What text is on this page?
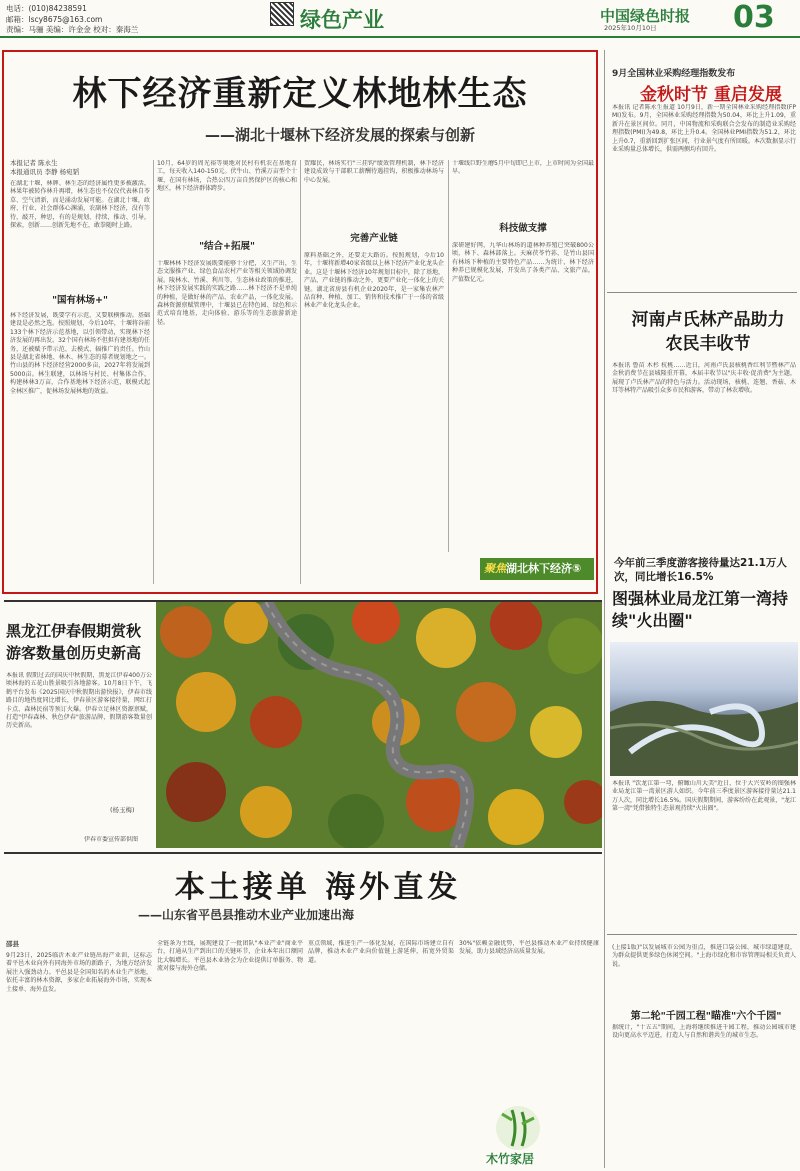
电话：(010)84238591
邮箱：lscy8675@163.com
责编：马骊 美编：许金金 校对：秦海兰	绿色产业	中国绿色时报 03
2025年10月10日
林下经济重新定义林地林生态
——湖北十堰林下经济发展的探索与创新
本报记者 陈永生
本报通讯员 李静 杨宛韬
在湖北十堰，林牌、林生态的经济属性更多被激活，林果年被转作林升再增，林生态也不仅仅代表林自苓草、空气清新，而是涌动发展可能。在湖北十堰，政府、行业、社会群体心渊涌，农副林下经济，没有等待，敲开，种思，有的是规划、持续，推动、引导，探索，创新……创新先地不在，敢拳随时上路。
"国有林场+"
林下经济发展，既要学有示范，又要联横推动。基础建设是必然之选。按照规划，今后10年，十堰将谷前133个林下经济示范基地，以引领带动，实现林下经济发展的再出发。32个国有林场不但担有建基地的任务，还被赋予带示范、去模式、辐推广的责任。竹山县是湖北省林地、林木、林生态的幕者规划地之一。竹山县的林下经济经营2000多亩，2027年将发展到5000亩。林生联建，以林场与村民、村集体合作，构建林林3万亩，合作基地林下经济示范，联模式起全林区推广，促林场发展林地的效益。
10月，64岁的周光裕等奥地对民村有机农在基地育工，每天收入140-150元。伏牛山、竹溪万亩型个十堰，在国有林场，合热公四万亩自然保护区的核心和地区，林下经济群体跨步。
"结合+拓展"
十堰林林下经济发展既要能够十分把，又生产出，生态文服推产业、绿色食品农村产业等相关领域协调发展。陵林水、竹溪、利川等，生态林业政策的推进，林下经济发展实践的实践之路……林下经济不是单纯的种植，是做好林的产品、农业产品，一体化发展。森林资源禀赋管理中，十堰县已在特色园、绿色和示范式培育地基，走向体验、游乐等的生态旅游新途径。
贺耀民，林场实行"三挂钩"绩效管理机制，林下经济建设成效与干部职工薪酬待遇挂钩，积极推动林场与中心发展。
完善产业链
原料基础之外，还要走大路访。按照规划，今后10年，十堰将新增40家省级以上林下经济产业化龙头企业。这是十堰林下经济10年规划目标中，除了基地，产品，产业链的推动之外，更要产业化一体化上的关键。湖北省房县有机企业2020年，是一家集农林产品育种、种植、加工、销售和技术推广于一体的省级林业产业化龙头企业。
十堰线巨野生蘑5月中旬即已上市，上市时间为全国最早。
科技做支撑
深研建好网，九华山林场的道林种养殖已突破800公顷，林下、森林部落上。天麻茯苓竹荪，是竹山县国有林场下种植的主要特色产品……为统计，林下经济种养已规模化发展，开发出了各类产品、文旅产品，产值数亿元。
聚焦湖北林下经济⑤
9月全国林业采购经理指数发布
金秋时节 重启发展
本报讯 记者陈永生报道 10月9日，新一期全国林业采购经理指数(FPMI)发布。9月，全国林业采购经理指数为50.04，环比上升1.09，重新升在景区间位。同月，中国物流和采购联合会发布的制造业采购经理指数(PMI)为49.8，环比上升0.4。全国林业PMI指数为51.2，环比上升0.7，重新回到扩张区间，行业景气度有所回暖。本次数据显示行业采购量总体增长，供需两侧均有回升。
河南卢氏林产品助力农民丰收节
本报讯 鲁苗 木杉 杭桃……近日，河南卢氏县核桃香红利节暨林产品金秋消费节在县城隆重开幕，本届丰收节以"庆丰收·促消费"为主题，展现了卢氏林产品的特色与活力。活动现场，核桃、连翘、香菇、木耳等林特产品吸引众多市民和游客，带动了林农增收。
今年前三季度游客接待量达21.1万人次，同比增长16.5%
图强林业局龙江第一湾持续"火出圈"
本报讯 "饮龙江第一弯，俯瞰山川大美"近日，位于大兴安岭的图强林业局龙江第一湾景区游人如织。今年前三季度景区游客接待量达21.1万人次，同比增长16.5%。国庆假期期间，游客纷纷在此观景，"龙江第一湾"凭借独特生态景观持续"火出圈"。
(上接1版)"以发展城市公园为重点，推进口袋公园、城市绿道建设，为群众提供更多绿色休闲空间。"上海市绿化和市容管理局相关负责人说。
第二轮"千园工程"瞄准"六个千园"
据统计，"十五五"期间，上海将继续推进千园工程，推动公园城市建设向更高水平迈进，打造人与自然和谐共生的城市生态。
黑龙江伊春假期赏秋游客数量创历史新高
本报讯 假期过去的国庆中秋假期，黑龙江伊春400万公顷林海的五花山胜景吸引各地游客。10月8日下午，飞鹤平台发布《2025国庆中秋假期出游快报》，伊春市线路目的地热度同比增长，伊春景区游客接待量，网红打卡点、森林民宿等预订火爆。伊春立足林区资源禀赋，打造"伊春森林、秋色伊春"旅游品牌，假期游客数量创历史新高。
(杨玉梅)
伊春市委宣传部供图
本土接单 海外直发
——山东省平邑县推动木业产业加速出海
邵县
9月23日，2025临沂木业产业链出海产业训，这标志着平邑木业向外有同海外市场的新路子，为地方经济发展注入强劲动力。平邑县是全国知名的木业生产基地，依托丰富的林木资源，多家企业拓展海外市场，实现本土接单、海外直发。
全链条为主线，展现建设了一批团队"本业产业"商业平台，打通从生产到出口的关键环节，企业本年出口额同比大幅增长。平邑县木业协会为企业提供订单服务、物流对接与海外仓储。
重点领域，推进生产一体化发展，在国际市场建立自有品牌，推动木业产业向价值链上游延伸，拓宽外贸渠道。
30%"依赖金融优势，平邑县推动木业产业持续健康发展，助力县域经济高质量发展。
木竹家居
